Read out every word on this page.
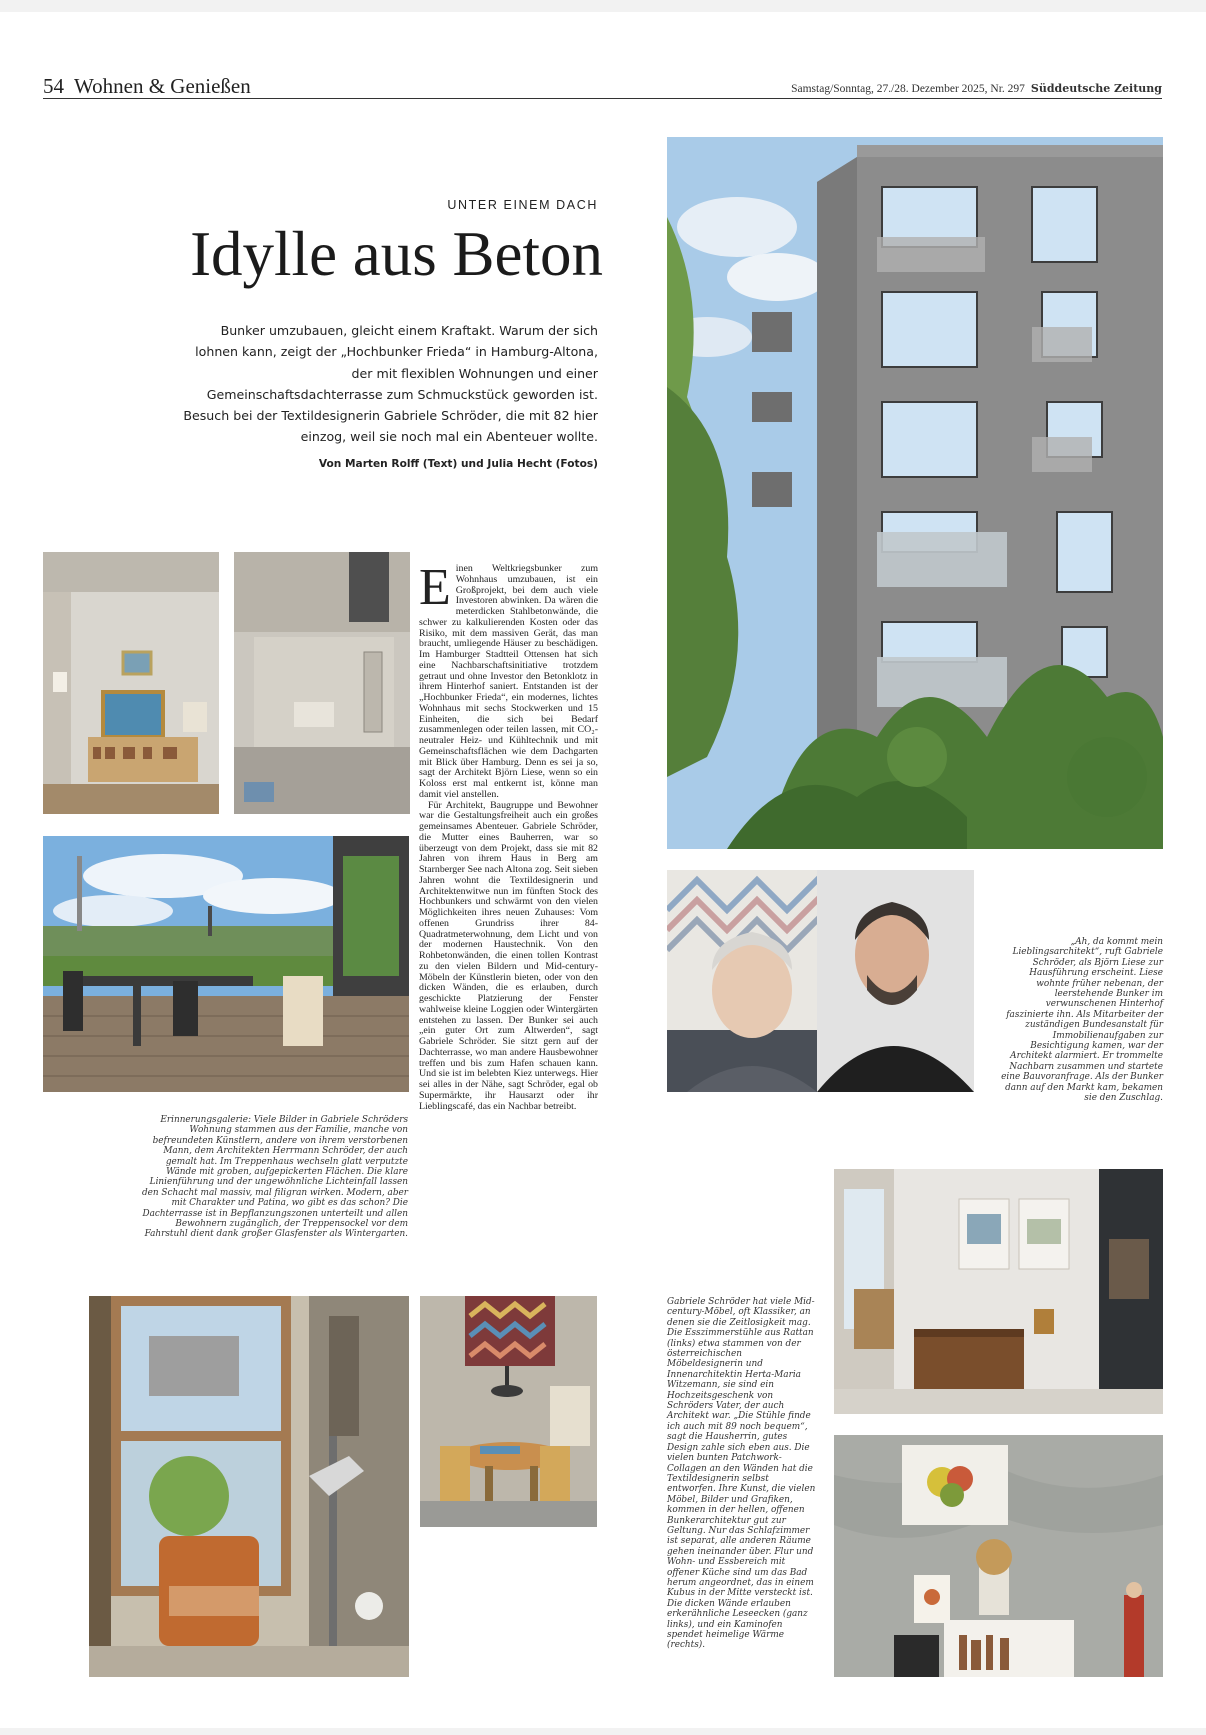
54 Wohnen & Genießen	Samstag/Sonntag, 27./28. Dezember 2025, Nr. 297 Süddeutsche Zeitung
UNTER EINEM DACH
Idylle aus Beton
Bunker umzubauen, gleicht einem Kraftakt. Warum der sich lohnen kann, zeigt der „Hochbunker Frieda“ in Hamburg-Altona, der mit flexiblen Wohnungen und einer Gemeinschaftsdachterrasse zum Schmuckstück geworden ist. Besuch bei der Textildesignerin Gabriele Schröder, die mit 82 hier einzog, weil sie noch mal ein Abenteuer wollte.
Von Marten Rolff (Text) und Julia Hecht (Fotos)
„Ah, da kommt mein Lieblingsarchitekt“, ruft Gabriele Schröder, als Björn Liese zur Hausführung erscheint. Liese wohnte früher nebenan, der leerstehende Bunker im verwunschenen Hinterhof faszinierte ihn. Als Mitarbeiter der zuständigen Bundesanstalt für Immobilienaufgaben zur Besichtigung kamen, war der Architekt alarmiert. Er trommelte Nachbarn zusammen und startete eine Bauvoranfrage. Als der Bunker dann auf den Markt kam, bekamen sie den Zuschlag.

Einen Weltkriegsbunker zum Wohnhaus umzubauen, ist ein Großprojekt, bei dem auch viele Investoren abwinken. Da wären die meterdicken Stahlbetonwände, die schwer zu kalkulierenden Kosten oder das Risiko, mit dem massiven Gerät, das man braucht, umliegende Häuser zu beschädigen. Im Hamburger Stadtteil Ottensen hat sich eine Nachbarschaftsinitiative trotzdem getraut und ohne Investor den Betonklotz in ihrem Hinterhof saniert. Entstanden ist der „Hochbunker Frieda“, ein modernes, lichtes Wohnhaus mit sechs Stockwerken und 15 Einheiten, die sich bei Bedarf zusammenlegen oder teilen lassen, mit CO₂-neutraler Heiz- und Kühltechnik und mit Gemeinschaftsflächen wie dem Dachgarten mit Blick über Hamburg. Denn es sei ja so, sagt der Architekt Björn Liese, wenn so ein Koloss erst mal entkernt ist, könne man damit viel anstellen.

Für Architekt, Baugruppe und Bewohner war die Gestaltungsfreiheit auch ein großes gemeinsames Abenteuer. Gabriele Schröder, die Mutter eines Bauherren, war so überzeugt von dem Projekt, dass sie mit 82 Jahren von ihrem Haus in Berg am Starnberger See nach Altona zog. Seit sieben Jahren wohnt die Textildesignerin und Architektenwitwe nun im fünften Stock des Hochbunkers und schwärmt von den vielen Möglichkeiten ihres neuen Zuhauses: Vom offenen Grundriss ihrer 84-Quadratmeterwohnung, dem Licht und von der modernen Haustechnik. Von den Rohbetonwänden, die einen tollen Kontrast zu den vielen Bildern und Mid-century-Möbeln der Künstlerin bieten, oder von den dicken Wänden, die es erlauben, durch geschickte Platzierung der Fenster wahlweise kleine Loggien oder Wintergärten entstehen zu lassen. Der Bunker sei auch „ein guter Ort zum Altwerden“, sagt Gabriele Schröder. Sie sitzt gern auf der Dachterrasse, wo man andere Hausbewohner treffen und bis zum Hafen schauen kann. Und sie ist im belebten Kiez unterwegs. Hier sei alles in der Nähe, sagt Schröder, egal ob Supermärkte, ihr Hausarzt oder ihr Lieblingscafé, das ein Nachbar betreibt.

Erinnerungsgalerie: Viele Bilder in Gabriele Schröders Wohnung stammen aus der Familie, manche von befreundeten Künstlern, andere von ihrem verstorbenen Mann, dem Architekten Herrmann Schröder, der auch gemalt hat. Im Treppenhaus wechseln glatt verputzte Wände mit groben, aufgepickerten Flächen. Die klare Linienführung und der ungewöhnliche Lichteinfall lassen den Schacht mal massiv, mal filigran wirken. Modern, aber mit Charakter und Patina, wo gibt es das schon? Die Dachterrasse ist in Bepflanzungszonen unterteilt und allen Bewohnern zugänglich, der Treppensockel vor dem Fahrstuhl dient dank großer Glasfenster als Wintergarten.
Gabriele Schröder hat viele Mid-century-Möbel, oft Klassiker, an denen sie die Zeitlosigkeit mag. Die Esszimmerstühle aus Rattan (links) etwa stammen von der österreichischen Möbeldesignerin und Innenarchitektin Herta-Maria Witzemann, sie sind ein Hochzeitsgeschenk von Schröders Vater, der auch Architekt war. „Die Stühle finde ich auch mit 89 noch bequem“, sagt die Hausherrin, gutes Design zahle sich eben aus. Die vielen bunten Patchwork-Collagen an den Wänden hat die Textildesignerin selbst entworfen. Ihre Kunst, die vielen Möbel, Bilder und Grafiken, kommen in der hellen, offenen Bunkerarchitektur gut zur Geltung. Nur das Schlafzimmer ist separat, alle anderen Räume gehen ineinander über. Flur und Wohn- und Essbereich mit offener Küche sind um das Bad herum angeordnet, das in einem Kubus in der Mitte versteckt ist. Die dicken Wände erlauben erkerähnliche Leseecken (ganz links), und ein Kaminofen spendet heimelige Wärme (rechts).
